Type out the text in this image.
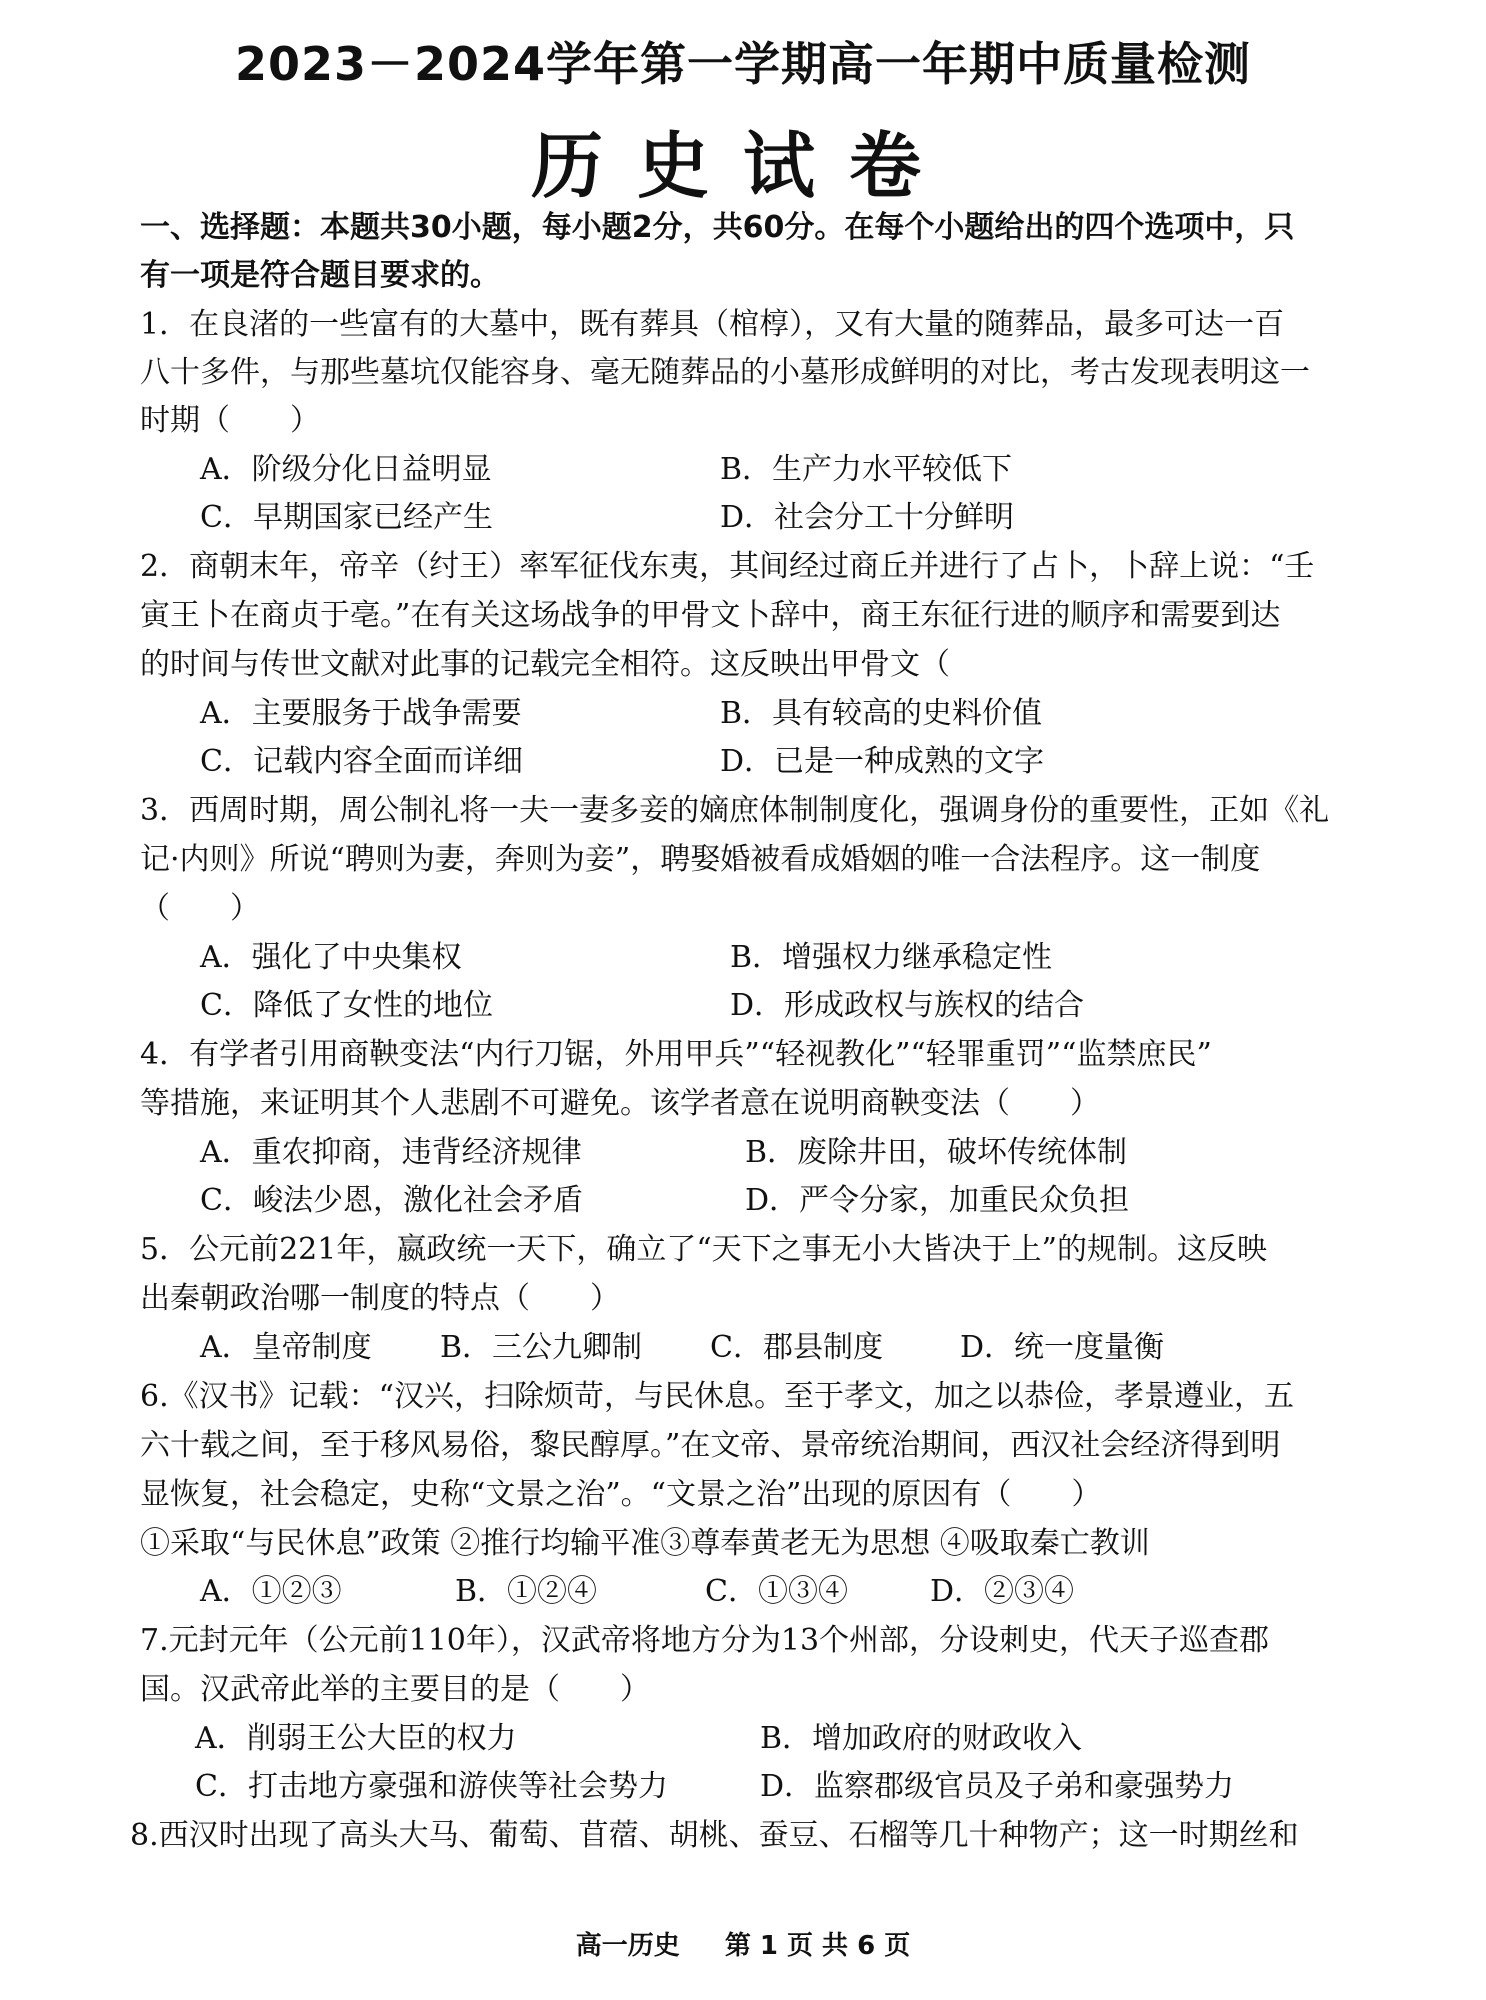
2023－2024学年第一学期高一年期中质量检测
历史试卷
一、选择题：本题共30小题，每小题2分，共60分。在每个小题给出的四个选项中，只
有一项是符合题目要求的。
1．在良渚的一些富有的大墓中，既有葬具（棺椁），又有大量的随葬品，最多可达一百
八十多件，与那些墓坑仅能容身、毫无随葬品的小墓形成鲜明的对比，考古发现表明这一
时期（　　）
A．阶级分化日益明显	B．生产力水平较低下
C．早期国家已经产生	D．社会分工十分鲜明
2．商朝末年，帝辛（纣王）率军征伐东夷，其间经过商丘并进行了占卜，卜辞上说：“壬
寅王卜在商贞于亳。”在有关这场战争的甲骨文卜辞中，商王东征行进的顺序和需要到达
的时间与传世文献对此事的记载完全相符。这反映出甲骨文（
A．主要服务于战争需要	B．具有较高的史料价值
C．记载内容全面而详细	D．已是一种成熟的文字
3．西周时期，周公制礼将一夫一妻多妾的嫡庶体制制度化，强调身份的重要性，正如《礼
记·内则》所说“聘则为妻，奔则为妾”，聘娶婚被看成婚姻的唯一合法程序。这一制度
（　　）
A．强化了中央集权	B．增强权力继承稳定性
C．降低了女性的地位	D．形成政权与族权的结合
4．有学者引用商鞅变法“内行刀锯，外用甲兵”“轻视教化”“轻罪重罚”“监禁庶民”
等措施，来证明其个人悲剧不可避免。该学者意在说明商鞅变法（　　）
A．重农抑商，违背经济规律	B．废除井田，破坏传统体制
C．峻法少恩，激化社会矛盾	D．严令分家，加重民众负担
5．公元前221年，嬴政统一天下，确立了“天下之事无小大皆决于上”的规制。这反映
出秦朝政治哪一制度的特点（　　）
A．皇帝制度 B．三公九卿制 C．郡县制度	D．统一度量衡
6.《汉书》记载：“汉兴，扫除烦苛，与民休息。至于孝文，加之以恭俭，孝景遵业，五
六十载之间，至于移风易俗，黎民醇厚。”在文帝、景帝统治期间，西汉社会经济得到明
显恢复，社会稳定，史称“文景之治”。“文景之治”出现的原因有（　　）
①采取“与民休息”政策 ②推行均输平准③尊奉黄老无为思想 ④吸取秦亡教训
A．①②③	B．①②④	C．①③④	D．②③④
7.元封元年（公元前110年），汉武帝将地方分为13个州部，分设刺史，代天子巡查郡
国。汉武帝此举的主要目的是（　　）
A．削弱王公大臣的权力	B．增加政府的财政收入
C．打击地方豪强和游侠等社会势力	D．监察郡级官员及子弟和豪强势力
8.西汉时出现了高头大马、葡萄、苜蓿、胡桃、蚕豆、石榴等几十种物产；这一时期丝和
高一历史 第 1 页 共 6 页
